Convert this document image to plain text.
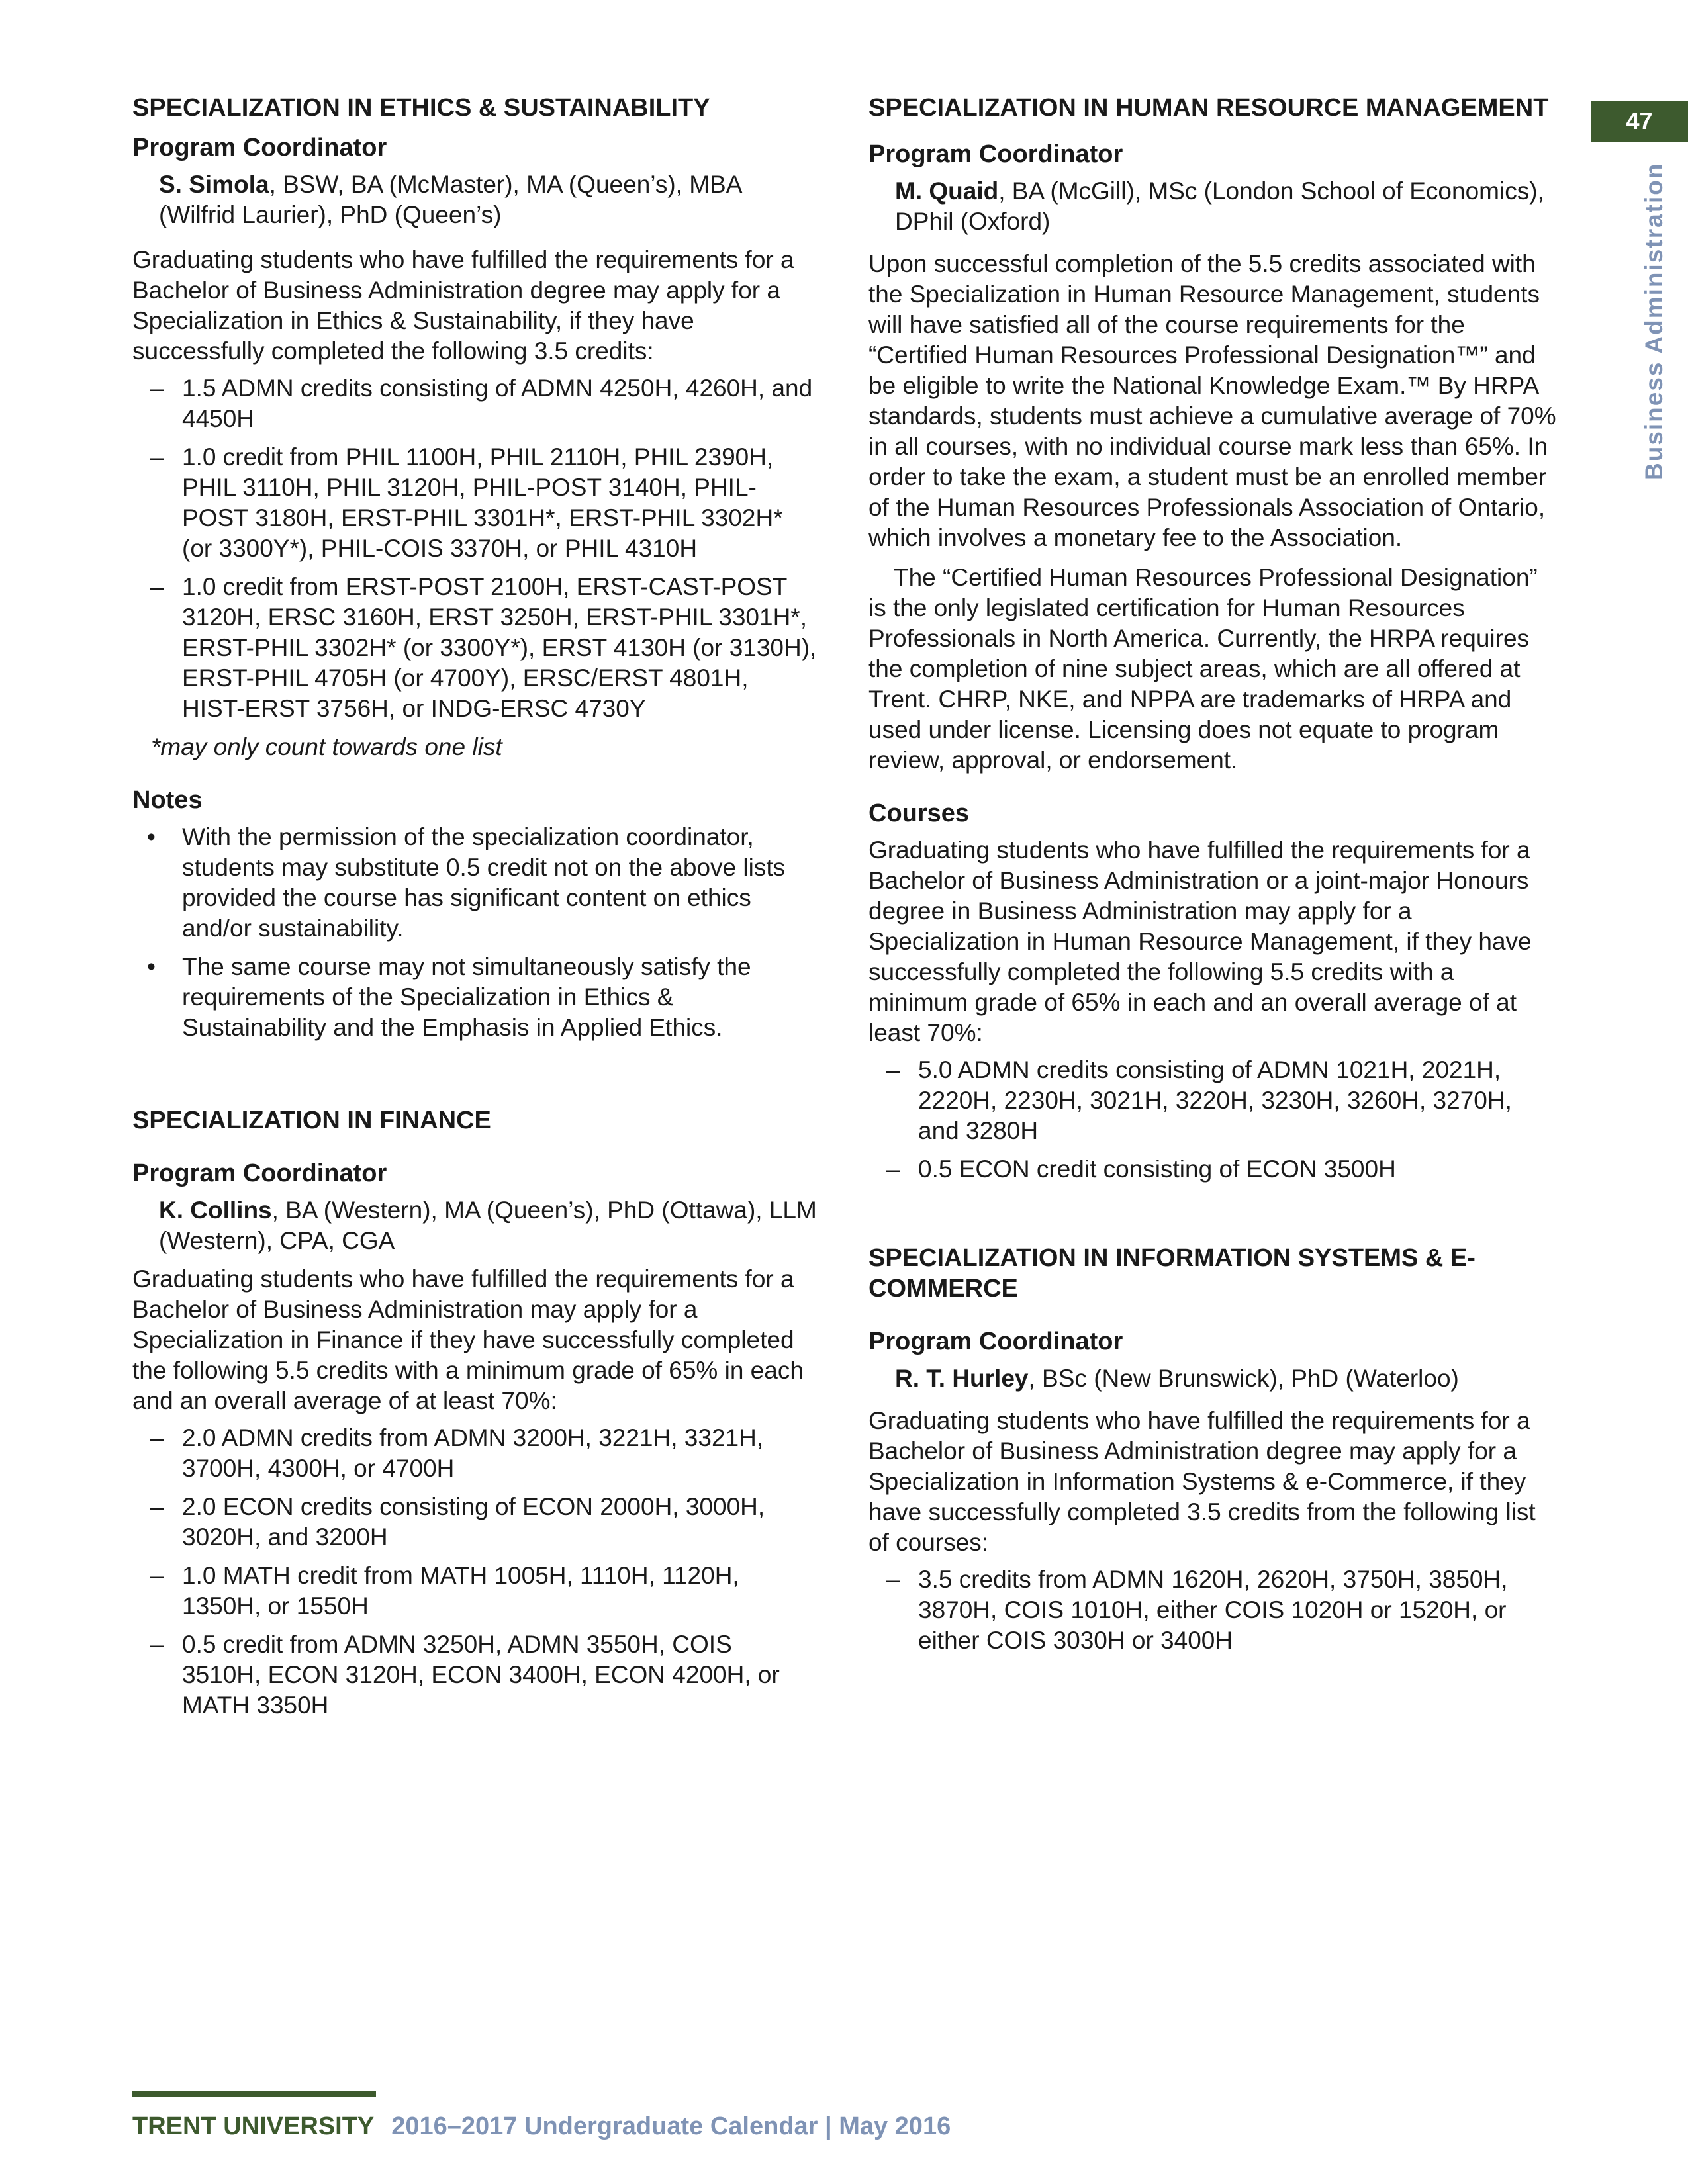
47
Business Administration
SPECIALIZATION IN ETHICS & SUSTAINABILITY
Program Coordinator

S. Simola, BSW, BA (McMaster), MA (Queen’s), MBA (Wilfrid Laurier), PhD (Queen’s)

Graduating students who have fulfilled the requirements for a Bachelor of Business Administration degree may apply for a Specialization in Ethics & Sustainability, if they have successfully completed the following 3.5 credits:

– 1.5 ADMN credits consisting of ADMN 4250H, 4260H, and 4450H
– 1.0 credit from PHIL 1100H, PHIL 2110H, PHIL 2390H, PHIL 3110H, PHIL 3120H, PHIL-POST 3140H, PHIL-POST 3180H, ERST-PHIL 3301H*, ERST-PHIL 3302H* (or 3300Y*), PHIL-COIS 3370H, or PHIL 4310H
– 1.0 credit from ERST-POST 2100H, ERST-CAST-POST 3120H, ERSC 3160H, ERST 3250H, ERST-PHIL 3301H*, ERST-PHIL 3302H* (or 3300Y*), ERST 4130H (or 3130H), ERST-PHIL 4705H (or 4700Y), ERSC/ERST 4801H, HIST-ERST 3756H, or INDG-ERSC 4730Y

*may only count towards one list

Notes
• With the permission of the specialization coordinator, students may substitute 0.5 credit not on the above lists provided the course has significant content on ethics and/or sustainability.
• The same course may not simultaneously satisfy the requirements of the Specialization in Ethics & Sustainability and the Emphasis in Applied Ethics.
SPECIALIZATION IN FINANCE
Program Coordinator

K. Collins, BA (Western), MA (Queen’s), PhD (Ottawa), LLM (Western), CPA, CGA

Graduating students who have fulfilled the requirements for a Bachelor of Business Administration may apply for a Specialization in Finance if they have successfully completed the following 5.5 credits with a minimum grade of 65% in each and an overall average of at least 70%:

– 2.0 ADMN credits from ADMN 3200H, 3221H, 3321H, 3700H, 4300H, or 4700H
– 2.0 ECON credits consisting of ECON 2000H, 3000H, 3020H, and 3200H
– 1.0 MATH credit from MATH 1005H, 1110H, 1120H, 1350H, or 1550H
– 0.5 credit from ADMN 3250H, ADMN 3550H, COIS 3510H, ECON 3120H, ECON 3400H, ECON 4200H, or MATH 3350H
SPECIALIZATION IN HUMAN RESOURCE MANAGEMENT
Program Coordinator

M. Quaid, BA (McGill), MSc (London School of Economics), DPhil (Oxford)

Upon successful completion of the 5.5 credits associated with the Specialization in Human Resource Management, students will have satisfied all of the course requirements for the “Certified Human Resources Professional Designation™” and be eligible to write the National Knowledge Exam.™ By HRPA standards, students must achieve a cumulative average of 70% in all courses, with no individual course mark less than 65%. In order to take the exam, a student must be an enrolled member of the Human Resources Professionals Association of Ontario, which involves a monetary fee to the Association.

The “Certified Human Resources Professional Designation” is the only legislated certification for Human Resources Professionals in North America. Currently, the HRPA requires the completion of nine subject areas, which are all offered at Trent. CHRP, NKE, and NPPA are trademarks of HRPA and used under license. Licensing does not equate to program review, approval, or endorsement.

Courses

Graduating students who have fulfilled the requirements for a Bachelor of Business Administration or a joint-major Honours degree in Business Administration may apply for a Specialization in Human Resource Management, if they have successfully completed the following 5.5 credits with a minimum grade of 65% in each and an overall average of at least 70%:

– 5.0 ADMN credits consisting of ADMN 1021H, 2021H, 2220H, 2230H, 3021H, 3220H, 3230H, 3260H, 3270H, and 3280H
– 0.5 ECON credit consisting of ECON 3500H
SPECIALIZATION IN INFORMATION SYSTEMS & E-COMMERCE
Program Coordinator

R. T. Hurley, BSc (New Brunswick), PhD (Waterloo)

Graduating students who have fulfilled the requirements for a Bachelor of Business Administration degree may apply for a Specialization in Information Systems & e-Commerce, if they have successfully completed 3.5 credits from the following list of courses:

– 3.5 credits from ADMN 1620H, 2620H, 3750H, 3850H, 3870H, COIS 1010H, either COIS 1020H or 1520H, or either COIS 3030H or 3400H
TRENT UNIVERSITY 2016–2017 Undergraduate Calendar | May 2016
